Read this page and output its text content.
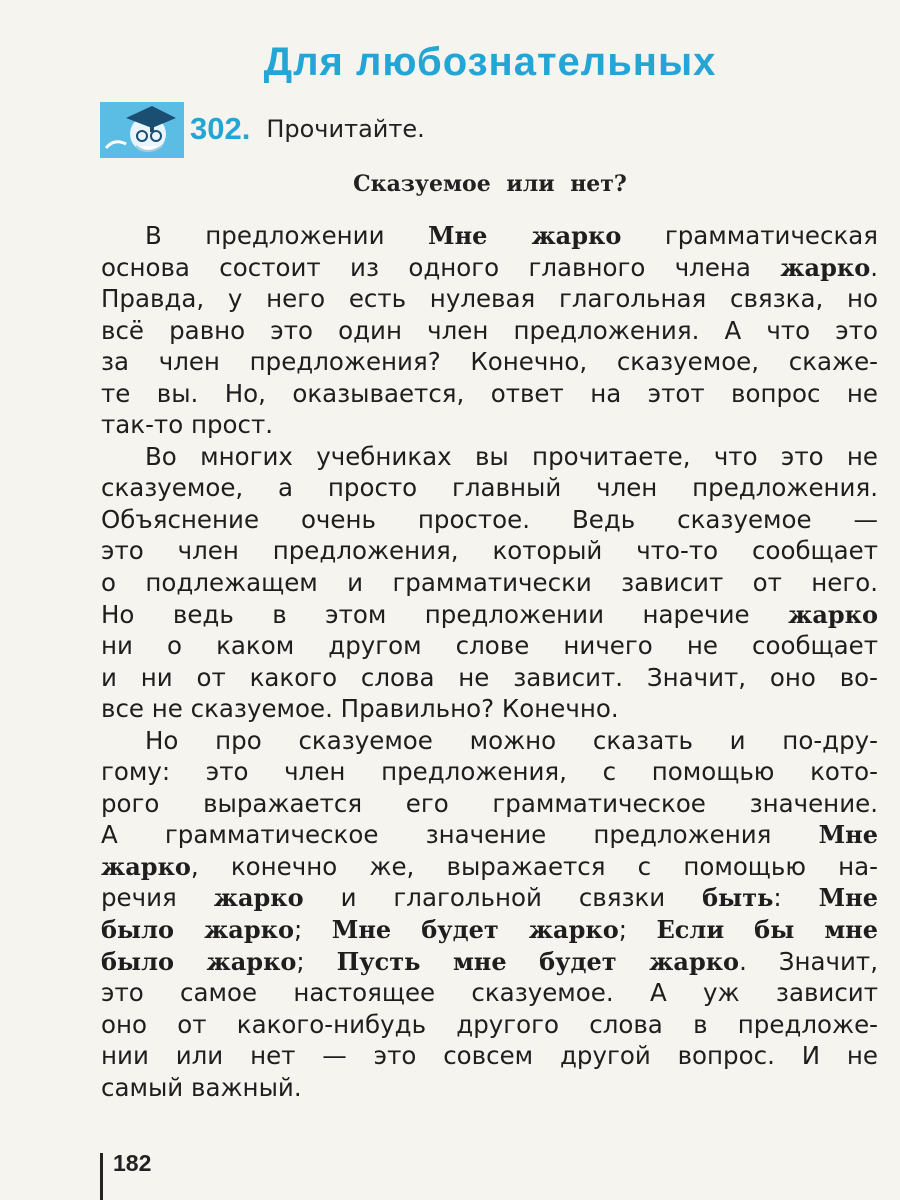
Для любознательных
302. Прочитайте.
Сказуемое или нет?
В предложении Мне жарко грамматическая
основа состоит из одного главного члена жарко.
Правда, у него есть нулевая глагольная связка, но
всё равно это один член предложения. А что это
за член предложения? Конечно, сказуемое, скаже-
те вы. Но, оказывается, ответ на этот вопрос не
так-то прост.
Во многих учебниках вы прочитаете, что это не
сказуемое, а просто главный член предложения.
Объяснение очень простое. Ведь сказуемое —
это член предложения, который что-то сообщает
о подлежащем и грамматически зависит от него.
Но ведь в этом предложении наречие жарко
ни о каком другом слове ничего не сообщает
и ни от какого слова не зависит. Значит, оно во-
все не сказуемое. Правильно? Конечно.
Но про сказуемое можно сказать и по-дру-
гому: это член предложения, с помощью кото-
рого выражается его грамматическое значение.
А грамматическое значение предложения Мне
жарко, конечно же, выражается с помощью на-
речия жарко и глагольной связки быть: Мне
было жарко; Мне будет жарко; Если бы мне
было жарко; Пусть мне будет жарко. Значит,
это самое настоящее сказуемое. А уж зависит
оно от какого-нибудь другого слова в предложе-
нии или нет — это совсем другой вопрос. И не
самый важный.
182
